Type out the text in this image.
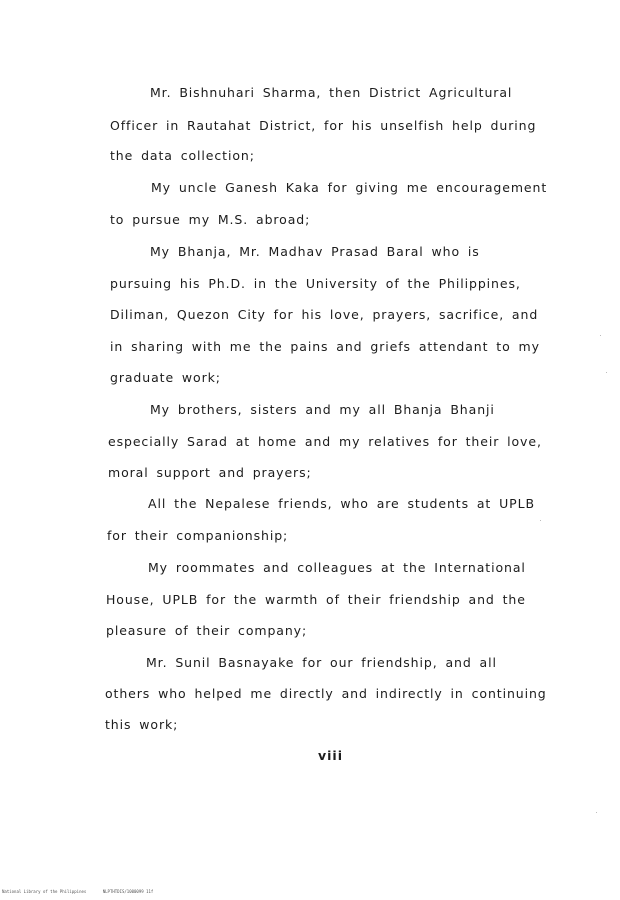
Mr. Bishnuhari Sharma, then District Agricultural
Officer in Rautahat District, for his unselfish help during
the data collection;
My uncle Ganesh Kaka for giving me encouragement
to pursue my M.S. abroad;
My Bhanja, Mr. Madhav Prasad Baral who is
pursuing his Ph.D. in the University of the Philippines,
Diliman, Quezon City for his love, prayers, sacrifice, and
in sharing with me the pains and griefs attendant to my
graduate work;
My brothers, sisters and my all Bhanja Bhanji
especially Sarad at home and my relatives for their love,
moral support and prayers;
All the Nepalese friends, who are students at UPLB
for their companionship;
My roommates and colleagues at the International
House, UPLB for the warmth of their friendship and the
pleasure of their company;
Mr. Sunil Basnayake for our friendship, and all
others who helped me directly and indirectly in continuing
this work;
viii
National Library of the Philippines	NLPTHTDIS/1000099 11f
